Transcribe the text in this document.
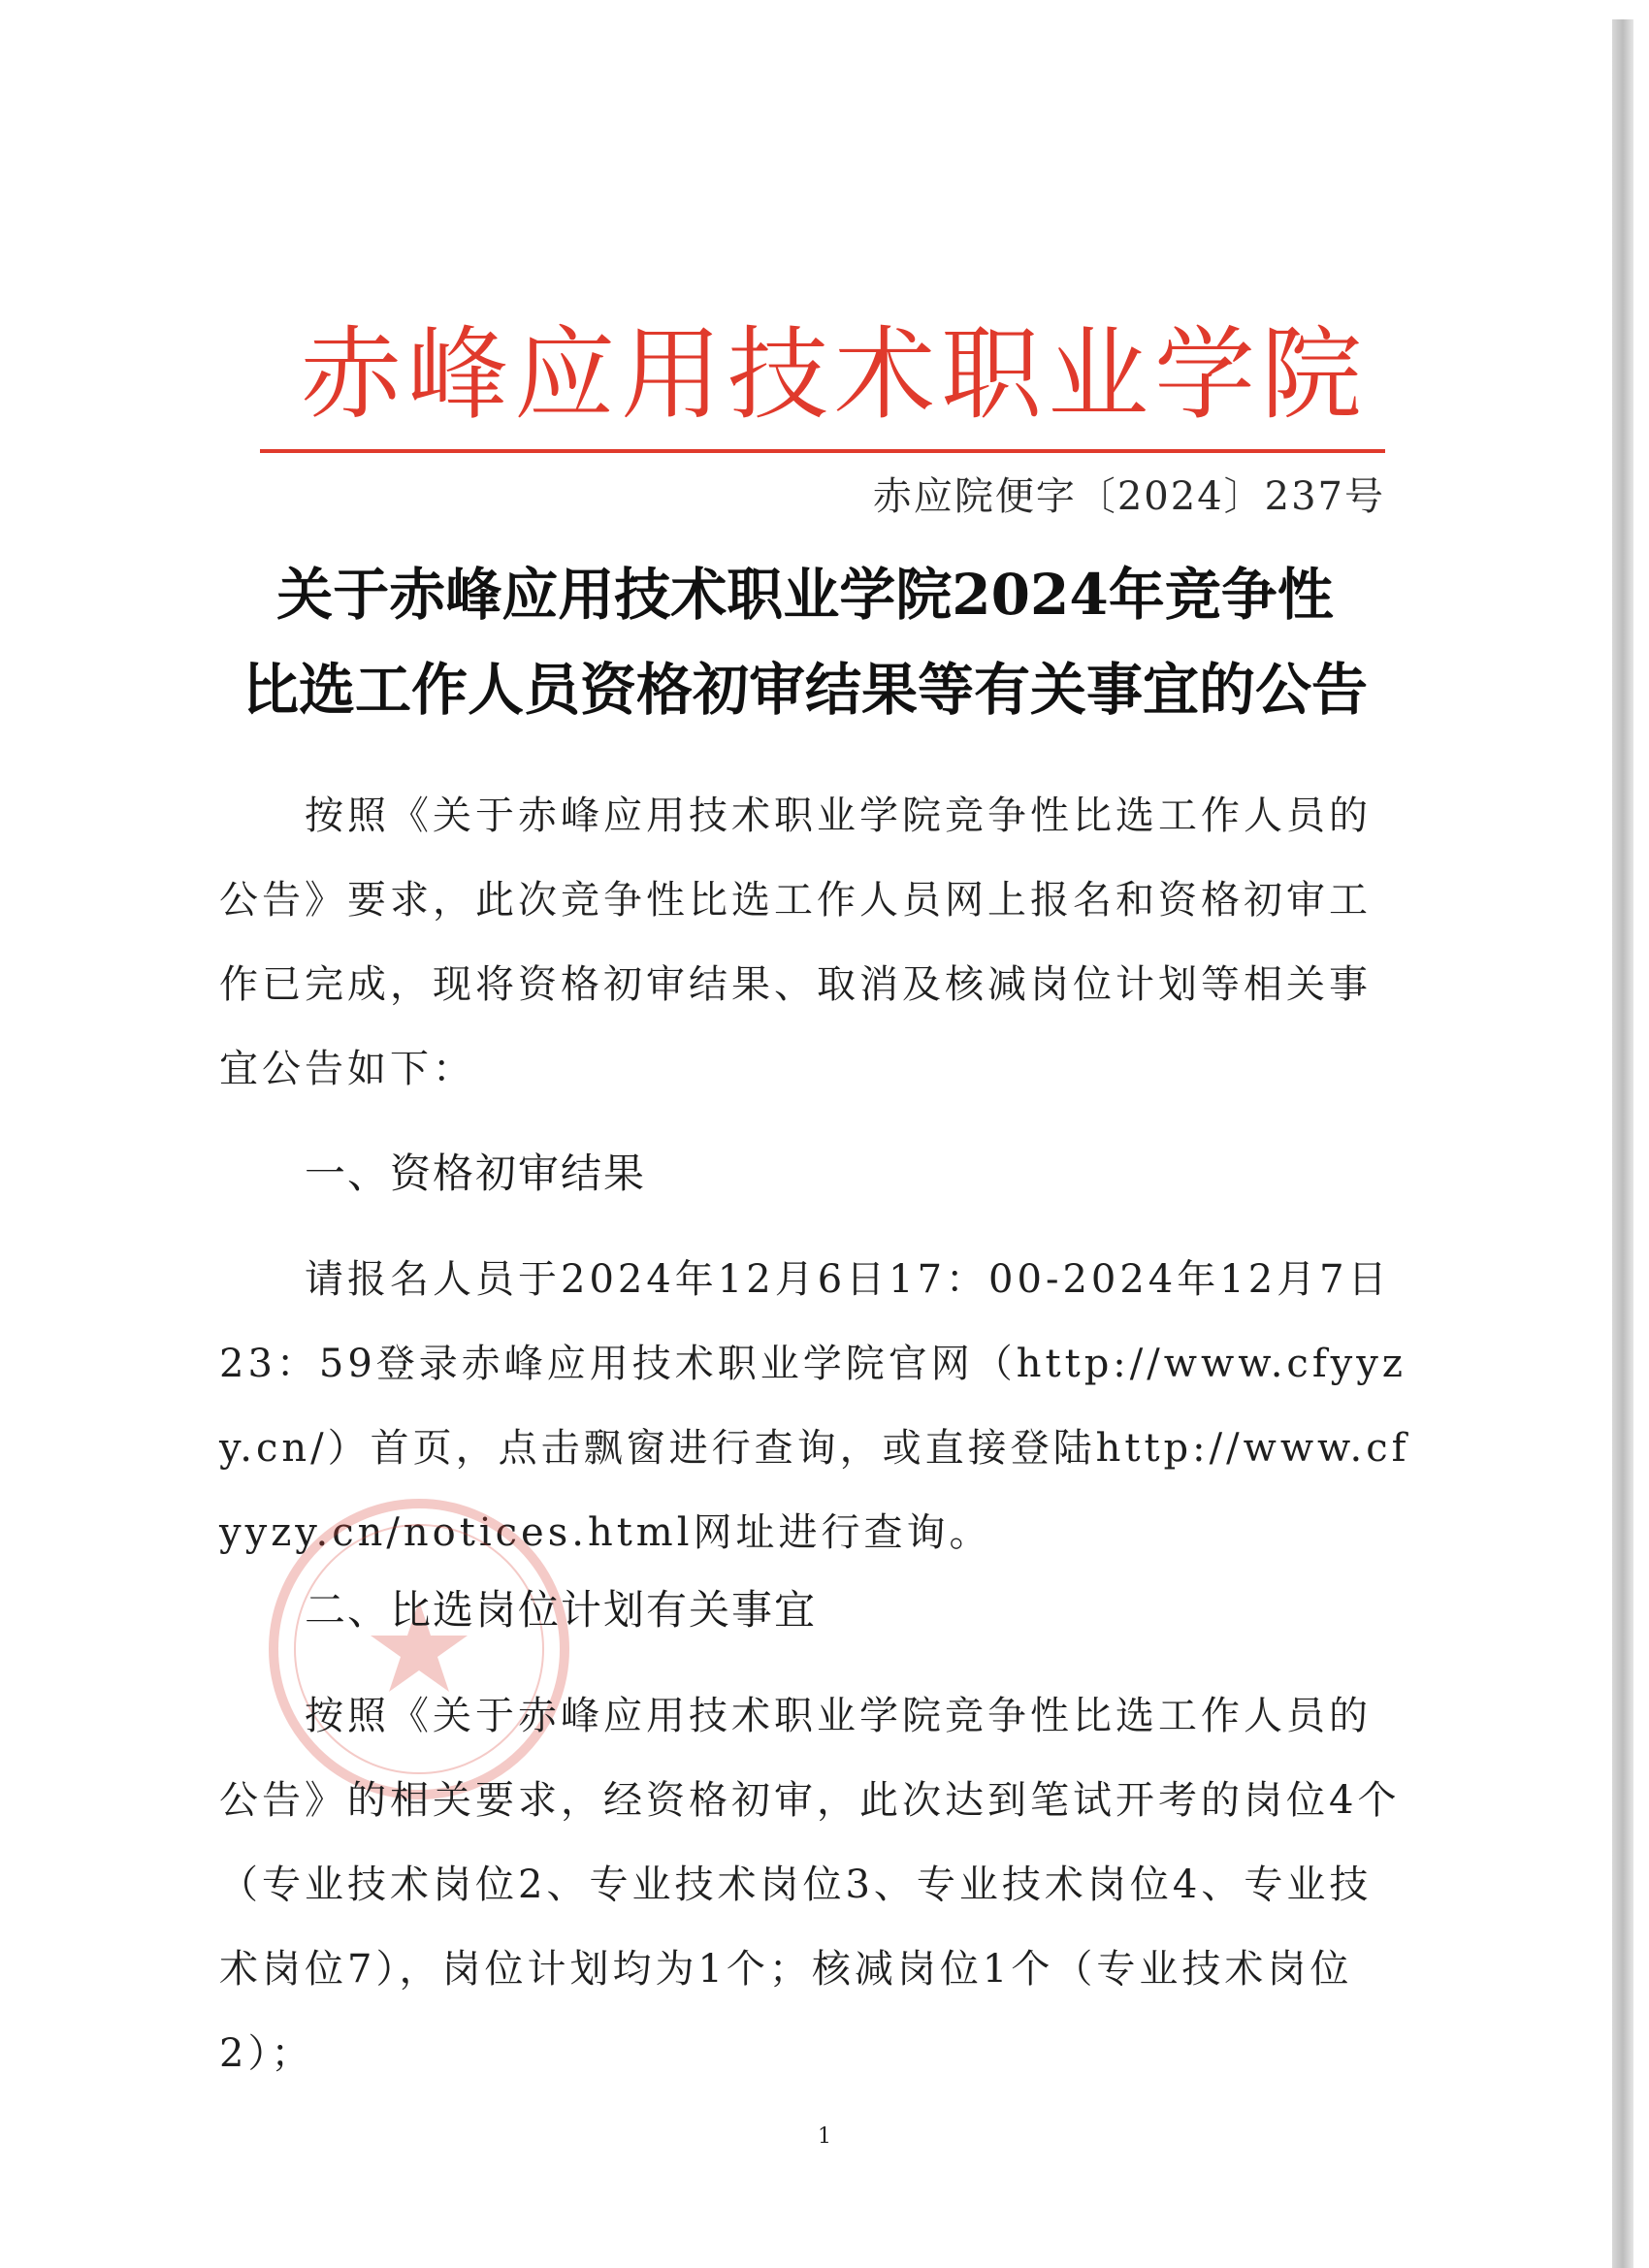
赤峰应用技术职业学院
赤应院便字〔2024〕237号
关于赤峰应用技术职业学院2024年竞争性
比选工作人员资格初审结果等有关事宜的公告

按照《关于赤峰应用技术职业学院竞争性比选工作人员的公告》要求，此次竞争性比选工作人员网上报名和资格初审工作已完成，现将资格初审结果、取消及核减岗位计划等相关事宜公告如下：

一、资格初审结果

请报名人员于2024年12月6日17：00-2024年12月7日23：59登录赤峰应用技术职业学院官网（http://www.cfyyzy.cn/）首页，点击飘窗进行查询，或直接登陆http://www.cfyyzy.cn/notices.html网址进行查询。

二、比选岗位计划有关事宜

按照《关于赤峰应用技术职业学院竞争性比选工作人员的公告》的相关要求，经资格初审，此次达到笔试开考的岗位4个（专业技术岗位2、专业技术岗位3、专业技术岗位4、专业技术岗位7），岗位计划均为1个；核减岗位1个（专业技术岗位2）；

1
